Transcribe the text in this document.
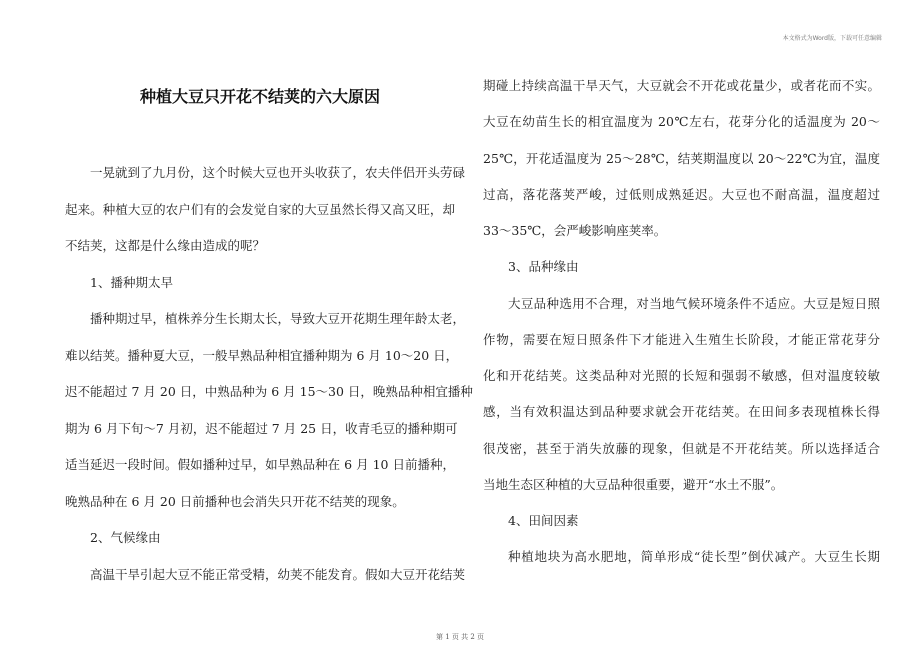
本文格式为Word版，下载可任意编辑
种植大豆只开花不结荚的六大原因
一晃就到了九月份，这个时候大豆也开头收获了，农夫伴侣开头劳碌
起来。种植大豆的农户们有的会发觉自家的大豆虽然长得又高又旺，却
不结荚，这都是什么缘由造成的呢？
1、播种期太早
播种期过早，植株养分生长期太长，导致大豆开花期生理年龄太老，
难以结荚。播种夏大豆，一般早熟品种相宜播种期为 6 月 10～20 日，
迟不能超过 7 月 20 日，中熟品种为 6 月 15～30 日，晚熟品种相宜播种
期为 6 月下旬～7 月初，迟不能超过 7 月 25 日，收青毛豆的播种期可
适当延迟一段时间。假如播种过早，如早熟品种在 6 月 10 日前播种，
晚熟品种在 6 月 20 日前播种也会消失只开花不结荚的现象。
2、气候缘由
高温干旱引起大豆不能正常受精，幼荚不能发育。假如大豆开花结荚
期碰上持续高温干旱天气，大豆就会不开花或花量少，或者花而不实。
大豆在幼苗生长的相宜温度为 20℃左右，花芽分化的适温度为 20～
25℃，开花适温度为 25～28℃，结荚期温度以 20～22℃为宜，温度
过高，落花落荚严峻，过低则成熟延迟。大豆也不耐高温，温度超过
33～35℃，会严峻影响座荚率。
3、品种缘由
大豆品种选用不合理，对当地气候环境条件不适应。大豆是短日照
作物，需要在短日照条件下才能进入生殖生长阶段，才能正常花芽分
化和开花结荚。这类品种对光照的长短和强弱不敏感，但对温度较敏
感，当有效积温达到品种要求就会开花结荚。在田间多表现植株长得
很茂密，甚至于消失放藤的现象，但就是不开花结荚。所以选择适合
当地生态区种植的大豆品种很重要，避开“水土不服”。
4、田间因素
种植地块为高水肥地，简单形成“徒长型”倒伏减产。大豆生长期
第 1 页 共 2 页
